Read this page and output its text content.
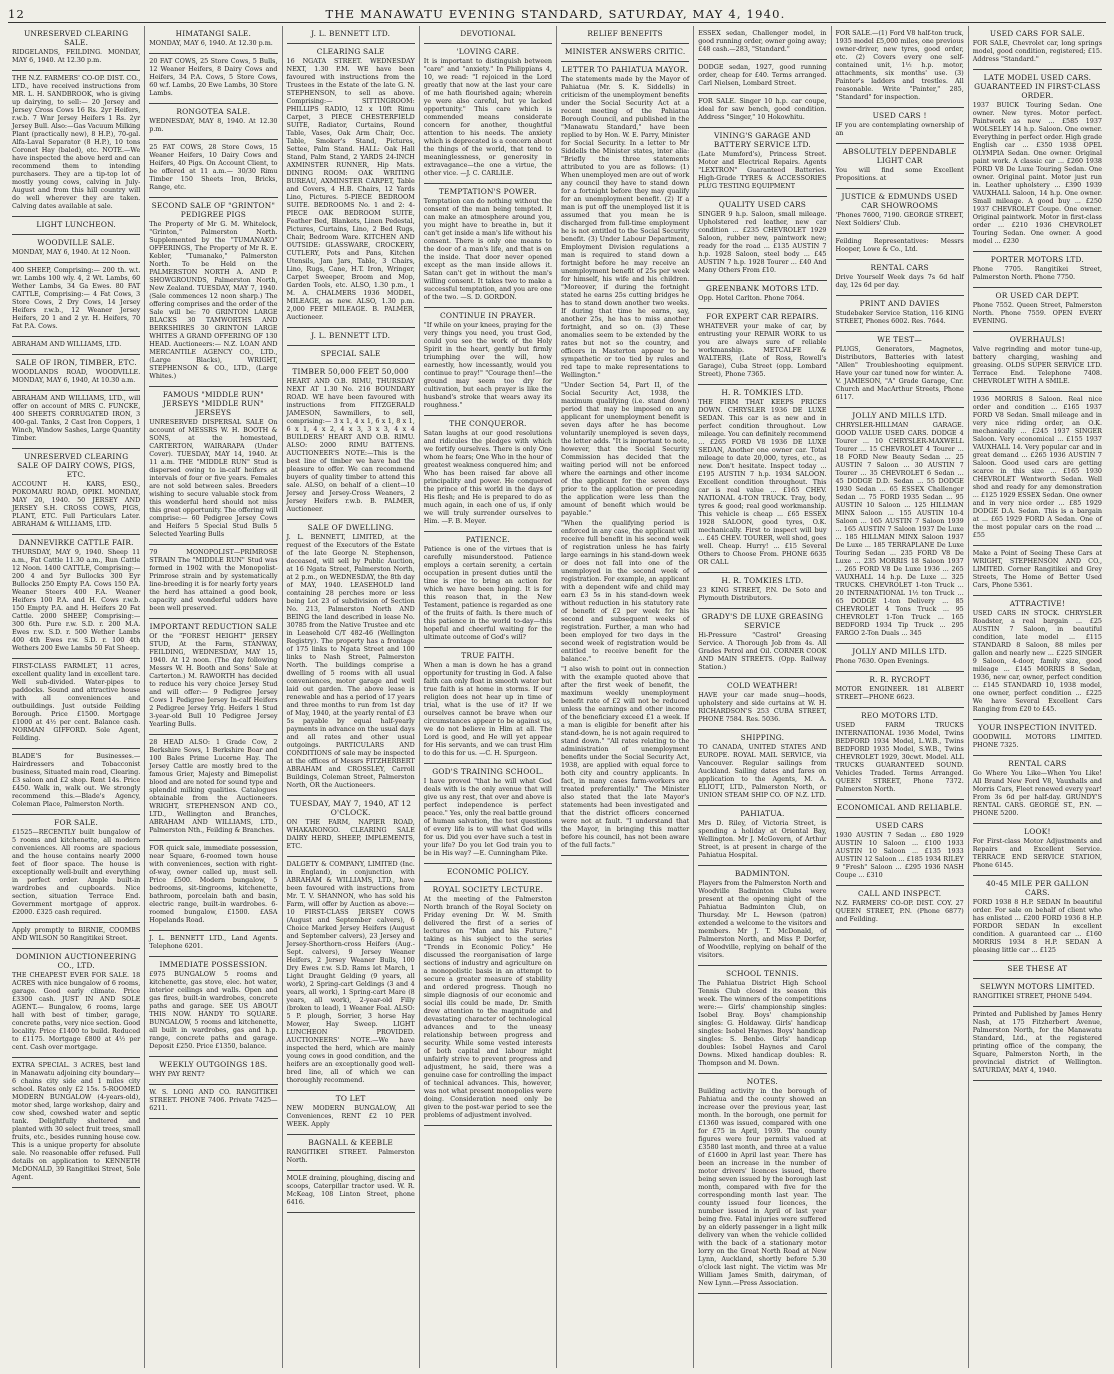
12	THE MANAWATU EVENING STANDARD, SATURDAY, MAY 4, 1940.
UNRESERVED CLEARING SALE.

RIDGELANDS, FEILDING. MONDAY, MAY 6, 1940. At 12.30 p.m.

THE N.Z. FARMERS' CO-OP. DIST. CO., LTD., have received instructions from MR. L. H. SANDBROOK, who is giving up dairying, to sell:— 20 Jersey and Jersey Cross Cows 16 Rs. 2yr Heifers, r.w.b. 7 Wnr Jersey Heifers 1 Rs. 2yr Jersey Bull. Also:—Gas Vacuum Milking Plant (practically new), 8 H.P.), 70-gal. Alfa-Laval Separator (8 H.P.), 10 tons Coronet Hay (baled), etc. NOTE.—We have inspected the above herd and can recommend them to intending purchasers. They are a tip-top lot of mostly young cows, calving in July-August and from this hill country will do well wherever they are taken. Calving dates available at sale.

LIGHT LUNCHEON.
WOODVILLE SALE.

MONDAY, MAY 6, 1940. At 12 Noon.

400 SHEEP, Comprising:— 200 th. w.t. wr. Lambs 100 wly. 4, 2 Wt. Lambs, 60 Wether Lambs, 34 Ga Ewes. 80 FAT CATTLE, Comprising:— 4 Fat Cows, 3 Store Cows, 2 Dry Cows, 14 Jersey Heifers r.w.b., 12 Weaner Jersey Heifers, 20 1 and 2 yr. H. Heifers, 70 Fat P.A. Cows.

ABRAHAM AND WILLIAMS, LTD.

SALE OF IRON, TIMBER, ETC.

WOODLANDS ROAD, WOODVILLE. MONDAY, MAY 6, 1940, At 10.30 a.m.

ABRAHAM AND WILLIAMS, LTD., will offer on account of MRS C. FUNCKE, 400 SHEETS CORRUGATED IRON, 3 400-gal. Tanks, 2 Cast Iron Coppers, 1 Winch, Window Sashes, Large Quantity Timber.

UNRESERVED CLEARING SALE OF DAIRY COWS, PIGS, ETC.

ACCOUNT H. KARS, ESQ., POKOMARU ROAD, OPIKI. MONDAY, MAY 20, 1940. 50 JERSEY AND JERSEY S.H. CROSS COWS, PIGS, PLANT, ETC. Full Particulars Later. ABRAHAM & WILLIAMS, LTD.

DANNEVIRKE CATTLE FAIR.

THURSDAY, MAY 9, 1940. Sheep 11 a.m., Fat Cattle 11.30 a.m., Run Cattle 12 Noon. 1400 CATTLE, Comprising:— 200 4 and 5yr Bullocks 300 Eyr Bullocks 250 Empty P.A. Cows 150 P.A. Weaner Steers 400 F.A. Weaner Heifers 100 P.A. and H. Cows r.w.b. 150 Empty P.A. and H. Heifers 20 Fat Cattle. 2000 SHEEP, Comprising:— 300 6th. Pure r.w. S.D. r. 200 M.A. Ewes r.w. S.D. r. 500 Wether Lambs 400 4th Ewes r.w. S.D. r. 100 4th Wethers 200 Ewe Lambs 50 Fat Sheep.

FIRST-CLASS FARMLET, 11 acres, excellent quality land in excellent tare. Well sub-divided. Water-pipes to paddocks. Sound and attractive house with all conveniences and outbuildings. Just outside Feilding Borough. Price £1500. Mortgage £1000 at 4½ per cent. Balance cash. NORMAN GIFFORD. Sole Agent, Feilding.

BLADE'S for Businesses.—Hairdressers and Tobacconist business, Situated main road, Clearing. £3 saloon and £2 shop. Rent 14s. Price £450. Walk in, walk out. We strongly recommend this.—Blade's Agency, Coleman Place, Palmerston North.

FOR SALE.

£1525—RECENTLY built bungalow of 5 rooms and kitchenette, all modern conveniences. All rooms are spacious and the house contains nearly 2000 feet of floor space. The house is exceptionally well-built and everything in perfect order. Ample built-in wardrobes and cupboards. Nice section, situation Terrace End. Government mortgage of approx. £2000. £325 cash required.

Apply promptly to BIRNIE, COOMBS AND WILSON 50 Rangitikei Street.

DOMINION AUCTIONEERING CO., LTD.

THE CHEAPEST EVER FOR SALE. 18 ACRES with nice bungalow of 6 rooms, garage. Good early climate. Price £3300 cash. JUST IN AND SOLE AGENT.— Bungalow, 6 rooms, large hall with best of timber, garage, concrete paths, very nice section. Good locality. Price £1400 to build. Reduced to £1175. Mortgage £800 at 4½ per cent. Cash over mortgage.

EXTRA SPECIAL. 3 ACRES, best land in Manawatu adjoining city boundary—6 chains city side and 1 miles city school. Rates only £2 15s. 5-ROOMED MODERN BUNGALOW (4-years-old), motor shed, large workshop, dairy and cow shed, cowshed water and septic tank. Delightfully sheltered and planted with 30 select fruit trees, small fruits, etc., besides running house cow. This is a unique property for absolute sale. No reasonable offer refused. Full details on application to KENNETH McDONALD, 39 Rangitikei Street, Sole Agent.

HIMATANGI SALE.

MONDAY, MAY 6, 1940. At 12.30 p.m.

20 FAT COWS, 25 Store Cows, 5 Bulls, 12 Weaner Heifers, 8 Dairy Cows and Heifers, 34 P.A. Cows, 5 Store Cows, 60 w.f. Lambs, 20 Ewe Lambs, 30 Store Lambs.

RONGOTEA SALE.

WEDNESDAY, MAY 8, 1940. At 12.30 p.m.

25 FAT COWS, 28 Store Cows, 15 Weaner Heifers, 10 Dairy Cows and Heifers, 40 Pigs. On Account Client, to be offered at 11 a.m.— 30/30 Rimu Timber 150 Sheets Iron, Bricks, Range, etc.

SECOND SALE OF "GRINTON" PEDIGREE PIGS

The Property of Mr G. M. Whitelock, "Grinton," Palmerston North. Supplemented by the "TUMANAKO" OFFERINGS, The Property of Mr R. E. Kebler, "Tumanako," Palmerston North. To be Held on the PALMERSTON NORTH A. AND P. SHOWGROUNDS, Palmerston North, New Zealand. TUESDAY, MAY 7, 1940. (Sale commences 12 noon sharp.) The offering comprises and the order of the Sale will be: 70 GRINTON LARGE BLACKS 30 TAMWORTHS AND BERKSHIRES 30 GRINTON LARGE WHITES A GRAND OFFERING OF 130 HEAD. Auctioneers:— N.Z. LOAN AND MERCANTILE AGENCY CO., LTD., (Large Blacks), WRIGHT, STEPHENSON & CO., LTD., (Large Whites.)

FAMOUS "MIDDLE RUN" JERSEYS "MIDDLE RUN" JERSEYS

UNRESERVED DISPERSAL SALE On account of MESSRS W. H. BOOTH & SONS, at the homestead, CARTERTON, WAIRARAPA (Under Cover). TUESDAY, MAY 14, 1940. At 11 a.m. THE "MIDDLE RUN" Stud is dispersed owing to in-calf heifers at intervals of four or five years. Females are not sold between sales. Breeders wishing to secure valuable stock from this wonderful herd should not miss this great opportunity. The offering will comprise:— 60 Pedigree Jersey Cows and Heifers 5 Special Stud Bulls 5 Selected Yearling Bulls

79 MONOPOLIST—PRIMROSE STRAIN The "MIDDLE RUN" Stud was formed in 1902 with the Monopolist-Primrose strain and by systematically line-breeding it is for nearly forty years the herd has attained a good book, capacity and wonderful udders have been well preserved.

IMPORTANT REDUCTION SALE

Of the "FOREST HEIGHT" JERSEY STUD, At the Farm, STANWAY, FEILDING, WEDNESDAY, MAY 15, 1940. At 12 noon. (The day following Messrs W. H. Booth and Sons' Sale at Carterton.) M. RAWORTH has decided to reduce his very choice Jersey Stud and will offer:— 9 Pedigree Jersey Cows 1 Pedigree Jersey In-calf Heifers 2 Pedigree Jersey Yrlg. Heifers 1 Stud 3-year-old Bull 10 Pedigree Jersey Yearling Bulls.

28 HEAD ALSO: 1 Grade Cow, 2 Berkshire Sows, 1 Berkshire Boar and 100 Bales Prime Lucerne Hay. The Jersey Cattle are mostly bred to the famous Grier, Majesty and Bimepolist blood and are noted for sound type and splendid milking qualities. Catalogues obtainable from the Auctioneers. WRIGHT, STEPHENSON AND CO., LTD., Wellington and Branches, ABRAHAM AND WILLIAMS, LTD., Palmerston Nth., Feilding & Branches.

FOR quick sale, immediate possession, near Square, 6-roomed town house with conveniences, section with right-of-way, owner called up, must sell. Price £500. Modern bungalow, 5 bedrooms, sit-tingrooms, kitchenette, bathroom, porcelain bath and basin, electric range, built-in wardrobes. 6-roomed bungalow, £1500. £ASA Hopelands Road.

J. L. BENNETT LTD., Land Agents. Telephone 6201.

IMMEDIATE POSSESSION.

£975 BUNGALOW 5 rooms and kitchenette, gas stove, elec. hot water, interior ceilings and walls. Open and gas fires, built-in wardrobes, concrete paths and garage. SEE US ABOUT THIS NOW. HANDY TO SQUARE. BUNGALOW, 5 rooms and kitchenette, all built in wardrobes, gas and h.p. range, concrete paths and garage. Deposit £250. Price £1350, balance.

WEEKLY OUTGOINGS 18S.

WHY PAY RENT?

W. S. LONG AND CO. RANGITIKEI STREET. PHONE 7406. Private 7425—6211.

J. L. BENNETT LTD.
CLEARING SALE

16 NGATA STREET. WEDNESDAY NEXT, 1.30 P.M. WE have been favoured with instructions from the Trustees in the Estate of the late G. N. STEPHENSON, to sell as above. Comprising:— SITTINGROOM: PHILLIPS RADIO, 12 x 10ft Rimu Carpet, 3 PIECE CHESTERFIELD SUITE, Radiator, Curtains, Round Table, Vases, Oak Arm Chair, Occ. Table, Smoker's Stand, Pictures, Settee, Palm Stand. HALL: Oak Hall Stand, Palm Stand, 2 YARDS 24-INCH AXMINSTER RUNNER, Hip Mats. DINING ROOM: OAK WRITING BUREAU, AXMINSTER CARPET, Table and Covers, 4 H.B. Chairs, 12 Yards Lino, Pictures. 5-PIECE BEDROOM SUITE. BEDROOMS No. 1 and 2: 4-PIECE OAK BEDROOM SUITE, Feather Bed, Blankets, Linen Pedestal, Pictures, Curtains, Lino, 2 Bed Rugs, Chair, Bedroom Ware. KITCHEN AND OUTSIDE: GLASSWARE, CROCKERY, CUTLERY, Pots and Pans, Kitchen Utensils, Jam Jars, Table, 3 Chairs, Lino, Rugs, Cane, H.T. Iron, Wringer, Carpet Sweeper, Broom and Mop, Garden Tools, etc. ALSO, 1.30 p.m., 1 M. A. CHALMERS 1936 MODEL, MILEAGE, as new. ALSO, 1.30 p.m. 2,000 FEET MILEAGE. B. PALMER, Auctioneer.

J. L. BENNETT LTD.
SPECIAL SALE
TIMBER 50,000 FEET 50,000

HEART AND O.B. RIMU, THURSDAY NEXT AT 1.30 No. 216 BOUNDARY ROAD. WE have been favoured with instructions from FITZGERALD JAMESON, Sawmillers, to sell, comprising:— 3 x 1, 4 x 1, 6 x 1, 8 x 1, 6 x 1, 4 x 2, 4 x 3, 3 x 3, 4 x 4 BUILDERS' HEART AND O.B. RIMU. ALSO: 2000 RIMU BATTENS. AUCTIONEER'S NOTE:—This is the best line of timber we have had the pleasure to offer. We can recommend buyers of quality timber to attend this sale. ALSO, on behalf of a client—10 Jersey and Jersey-Cross Weaners, 2 Jersey Heifers r.w.b. B. PALMER, Auctioneer.

SALE OF DWELLING.

J. L. BENNETT, LIMITED, at the request of the Executors of the Estate of the late George N. Stephenson, deceased, will sell by Public Auction, at 16 Ngata Street, Palmerston North, at 2 p.m., on WEDNESDAY, the 8th day of MAY, 1940. LEASEHOLD land containing 28 perches more or less being Lot 23 of subdivision of Section No. 213, Palmerston North AND BEING the land described in lease No. 30785 from the Native Trustee and etc in Leasehold C/T 482-46 (Wellington Registry). The property has a frontage of 175 links to Ngata Street and 100 links to Nash Street, Palmerston North. The buildings comprise a dwelling of 5 rooms with all usual conveniences, motor garage and well laid out garden. The above lease is renewable and has a period of 17 years and three months to run from 1st day of May, 1940, at the yearly rental of £3 5s payable by equal half-yearly payments in advance on the usual days and all rates and other usual outgoings. PARTICULARS AND CONDITIONS of sale may be inspected at the offices of Messrs FITZHERBERT ABRAHAM and CROSSLEY, Carroll Buildings, Coleman Street, Palmerston North, OR the Auctioneers.

TUESDAY, MAY 7, 1940, AT 12 O'CLOCK.

ON THE FARM, NAPIER ROAD, WHAKARONGO. CLEARING SALE DAIRY HERD, SHEEP, IMPLEMENTS, ETC.

DALGETY & COMPANY, LIMITED (Inc. in England), in conjunction with ABRAHAM & WILLIAMS, LTD., have been favoured with instructions from Mr. T. V. SHANNON, who has sold his Farm, will offer by Auction as above:— 10 FIRST-CLASS JERSEY COWS (August and September calvers), 6 Choice Marked Jersey Heifers (August and September calvers), 23 Jersey and Jersey-Shorthorn-cross Heifers (Aug.-Sept. calvers), 9 Jersey Weaner Heifers, 2 Jersey Weaner Bulls, 100 Dry Ewes r.w. S.D. Rams let March, 1 Light Draught Gelding (9 years, all work), 2 Spring-cart Geldings (3 and 4 years, all work), 1 Spring-cart Mare (8 years, all work), 2-year-old Filly (broken to lead), 1 Weaner Foal. ALSO: 5 P. plough, Sorrier, 3 horse Hay Mower, Hay Sweep. LIGHT LUNCHEON PROVIDED. AUCTIONEERS' NOTE.—We have inspected the herd, which are mainly young cows in good condition, and the heifers are an exceptionally good well-bred line, all of which we can thoroughly recommend.

TO LET

NEW MODERN BUNGALOW, All Conveniences, RENT £2 10 PER WEEK. Apply

BAGNALL & KEEBLE

RANGITIKEI STREET. Palmerston North.

MOLE draining, ploughing, discing and scoops, Caterpillar tractor used. W. R. McKeag, 108 Linton Street, phone 6416.

DEVOTIONAL
'LOVING CARE.

It is important to distinguish between "care" and "anxiety." In Philippians 4, 10, we read: "I rejoiced in the Lord greatly that now at the last your care of me hath flourished again; wherein ye were also careful, but ye lacked opportunity." This care which is commended means considerate concern for another, thoughtful attention to his needs. The anxiety which is deprecated is a concern about the things of the world, that tend to meaninglessness, or generosity in extravagance—the one a virtue, the other vice. —J. C. CARLILE.

TEMPTATION'S POWER.

Temptation can do nothing without the consent of the man being tempted. It can make an atmosphere around you, you might have to breathe in, but it can't get inside a man's life without his consent. There is only one means to the door of a man's life, and that is on the inside. That door never opened except as the man inside allows it. Satan can't get in without the man's willing consent. It takes two to make a successful temptation, and you are one of the two. —S. D. GORDON.

CONTINUE IN PRAYER.

"If while on your knees, praying for the very things you need, you trust God, could you see the work of the Holy Spirit in the heart, gently but firmly triumphing over the will, how earnestly, how incessantly, would you continue to pray!" "Courage then!—the ground may seem too dry for cultivation, but each prayer is like the husband's stroke that wears away its roughness."

THE CONQUEROR.

Satan laughs at our good resolutions and ridicules the pledges with which we fortify ourselves. There is only One whom he fears; One Who in the hour of greatest weakness conquered him; and Who has been raised far above all principality and power. He conquered the prince of this world in the days of His flesh; and He is prepared to do as much again, in each one of us, if only we will truly surrender ourselves to Him. —F. B. Meyer.

PATIENCE.

Patience is one of the virtues that is carefully misunderstood. Patience employs a certain serenity, a certain occupation in present duties until the time is ripe to bring an action for which we have been hoping. It is for this reason that, in the New Testament, patience is regarded as one of the fruits of faith. Is there much of this patience in the world to-day—this hopeful and cheerful waiting for the ultimate outcome of God's will?

TRUE FAITH.

When a man is down he has a grand opportunity for trusting in God. A false faith can only float in smooth water but true faith is at home in storms. If our religion does not hear up in time of trial, what is the use of it? If we ourselves cannot be brave when our circumstances appear to be against us, we do not believe in Him at all. The Lord is good, and He will yet appear for His servants, and we can trust Him to do this for us. —C. H. Spurgeon.

GOD'S TRAINING SCHOOL.

I have proved "that he will what God deals with is the only avenue that will give us any rest, that over and above is perfect independence is perfect peace." Yes, only the real battle ground of human salvation, the test questions of every life is to will what God wills for us. Did you ever have such a test in your life? Do you let God train you to be in His way? —E. Cunningham Pike.

ECONOMIC POLICY.
ROYAL SOCIETY LECTURE.

At the meeting of the Palmerston North branch of the Royal Society on Friday evening Dr. W. M. Smith delivered the first of a series of lectures on "Man and his Future," taking as his subject to the series "Trends in Economic Policy." He discussed the reorganisation of large sections of industry and agriculture on a monopolistic basis in an attempt to secure a greater measure of stability and ordered progress. Though no simple diagnosis of our economic and social ills could be made, Dr. Smith drew attention to the magnitude and devastating character of technological advances and to the uneasy relationship between progress and security. While some vested interests of both capital and labour might unfairly strive to prevent progress and adjustment, he said, there was a genuine case for controlling the impact of technical advances. This, however, was not what present monopolies were doing. Consideration need only be given to the post-war period to see the problems of adjustment involved.

RELIEF BENEFITS
MINISTER ANSWERS CRITIC.
LETTER TO PAHIATUA MAYOR.

The statements made by the Mayor of Pahiatua (Mr. S. K. Siddells) in criticism of the unemployment benefits under the Social Security Act at a recent meeting of the Pahiatua Borough Council, and published in the "Manawatu Standard," have been replied to by Hon. W. E. Parry, Minister for Social Security. In a letter to Mr Siddells the Minister states, inter alia: "Briefly the three statements attributed to you are as follows: (1) When unemployed men are out of work any council they have to stand down for a fortnight before they may qualify for an unemployment benefit. (2) If a man is put off the unemployed list it is assumed that you mean he is discharged from full-time employment he is not entitled to the Social Security benefit. (3) Under Labour Department, Employment Division regulations a man is required to stand down a fortnight before he may receive an unemployment benefit of 25s per week for himself, his wife and his children. "Moreover, if during the fortnight stated he earns 25s cutting bridges he has to stand down another two weeks. If during that time he earns, say, another 25s, he has to miss another fortnight, and so on. (3) These anomalies seem to be extended by the rates but not so the country, and officers in Masterton appear to be sympathetic or too tied by rules and red tape to make representations to Wellington."

"Under Section 54, Part II, of the Social Security Act, 1938, the maximum qualifying (i.e. stand down) period that may be imposed on any applicant for unemployment benefit is seven days after he has become voluntarily unemployed is seven days, the letter adds. "It is important to note, however, that the Social Security Commission has decided that the waiting period will not be enforced where the earnings and other income of the applicant for the seven days prior to the application or preceding the application were less than the amount of benefit which would be payable."

"When the qualifying period is enforced in any case, the applicant will receive full benefit in his second week of registration unless he has fairly large earnings in his stand-down week or does not fall into one of the unemployed in the second week of registration. For example, an applicant with a dependent wife and child may earn £3 5s in his stand-down week without reduction in his statutory rate of benefit of £2 per week for his second and subsequent weeks of registration. Further, a man who had been employed for two days in the second week of registration would be entitled to receive benefit for the balance."

"I also wish to point out in connection with the example quoted above that after the first week of benefit, the maximum weekly unemployment benefit rate of £2 will not be reduced unless the earnings and other income of the beneficiary exceed £1 a week. If a man is eligible for benefit after his stand-down, he is not again required to stand down." "All rates relating to the administration of unemployment benefits under the Social Security Act, 1938, are applied with equal force to both city and country applicants. In fact, in many cases farm-workers are treated preferentially." The Minister also stated that the late Mayor's statements had been investigated and that the district officers concerned were not at fault. "I understand that the Mayor, in bringing this matter before his council, has not been aware of the full facts."

ESSEX sedan, Challenger model, in good running order, owner going away; £48 cash.—283, "Standard."

DODGE sedan, 1927, good running order, cheap for £40. Terms arranged. Carl Nielsen, Lombard Street.

FOR SALE. Singer 10 h.p. car coupe, ideal for saw bench, good condition. Address "Singer," 10 Hokowhitu.

VINING'S GARAGE AND BATTERY SERVICE LTD.

(Late Mumford's), Princess Street. Motor and Electrical Repairs. Agents "LEXTRON" Guaranteed Batteries. High-Grade TYRES & ACCESSORIES PLUG TESTING EQUIPMENT

QUALITY USED CARS

SINGER 9 h.p. Saloon, small mileage. Upholstered red leather, new car condition ... £235 CHEVROLET 1929 Saloon, rubber new, paintwork new; ready for the road ... £135 AUSTIN 7 h.p. 1928 Saloon, steel body ... £45 AUSTIN 7 h.p. 1928 Tourer ... £40 And Many Others From £10.

GREENBANK MOTORS LTD.

Opp. Hotel Carlton. Phone 7064.

FOR EXPERT CAR REPAIRS.

WHATEVER your make of car, by entrusting your REPAIR WORK to us you are always sure of reliable workmanship. METCALFE & WALTERS, (Late of Ross, Rowell's Garage), Cuba Street (opp. Lombard Street), Phone 7365.

H. R. TOMKIES LTD.

THE FIRM THAT KEEPS PRICES DOWN. CHRYSLER 1936 DE LUXE SEDAN. This car is as new and in perfect condition throughout. Low mileage. You can definitely recommend ... £265 FORD V8 1936 DE LUXE SEDAN, Another one owner car. Total mileage to date 20,000, tyres, etc., as new. Don't hesitate. Inspect today ... £195 AUSTIN 7 h.p. 1934 SALOON. Excellent condition throughout. This car is real value ... £165 CHEV. NATIONAL 4-TON TRUCK. Tray, body, tyres & good; real good workmanship. This vehicle is cheap ... £65 ESSEX 1928 SALOON, good tyres, O.K. mechanically. First to inspect will buy ... £45 CHEV. TOURER, well shod, goes well. Cheap. Hurry! ... £15 Several Others to Choose From. PHONE 6635 OR CALL

H. R. TOMKIES LTD.

23 KING STREET, P.N. De Soto and Plymouth Distributors.

GRADY'S DE LUXE GREASING SERVICE

Hi-Pressure "Castrol" Greasing Service. A Thorough Job from 4s. All Grades Petrol and Oil. CORNER COOK AND MAIN STREETS. (Opp. Railway Station.)

COLD WEATHER!

HAVE your car made snug—hoods, upholstery and side curtains at W. H. RICHARDSON'S 253 CUBA STREET, PHONE 7584. Res. 5036.

SHIPPING.

TO CANADA, UNITED STATES AND EUROPE. ROYAL MAIL SERVICE, via Vancouver. Regular sailings from Auckland. Sailing dates and fares on application to the Agents, M. A. ELIOTT, LTD., Palmerston North, or UNION STEAM SHIP CO. OF N.Z. LTD.

PAHIATUA.

Mrs D. Riley, of Victoria Street, is spending a holiday at Oriental Bay, Wellington. Mr J. McGovern, of Arthur Street, is at present in charge of the Pahiatua Hospital.

BADMINTON.

Players from the Palmerston North and Woodville Badminton Clubs were present at the opening night of the Pahiatua Badminton Club, on Thursday. Mr L. Hewson (patron) extended a welcome to the visitors and members. Mr J. T. McDonald, of Palmerston North, and Miss P. Dorfer, of Woodville, replying on behalf of the visitors.

SCHOOL TENNIS.

The Pahiatua District High School Tennis Club closed its season this week. The winners of the competitions were:— Girls' championship singles: Isobel Bray. Boys' championship singles: G. Holdaway. Girls' handicap singles: Isobel Haynes. Boys' handicap singles: S. Benbo. Girls' handicap doubles: Isobel Haynes and Carol Downs. Mixed handicap doubles: R. Thompson and M. Down.

NOTES.

Building activity in the borough of Pahiatua and the county showed an increase over the previous year, last month. In the borough, one permit for £1360 was issued, compared with one for £75 in April, 1939. The county figures were four permits valued at £3580 last month, and three at a value of £1600 in April last year. There has been an increase in the number of motor drivers' licences issued, there being seven issued by the borough last month, compared with five for the corresponding month last year. The county issued four licences, the number issued in April of last year being five. Fatal injuries were suffered by an elderly passenger in a light milk delivery van when the vehicle collided with the back of a stationary motor lorry on the Great North Road at New Lynn, Auckland, shortly before 5.30 o'clock last night. The victim was Mr William James Smith, dairyman, of New Lynn.—Press Association.

FOR SALE.—(1) Ford V8 half-ton truck, 1935 model £5,000 miles, one previous owner-driver, new tyres, good order, etc. (2) Covers every one self-contained unit, 1½ h.p. motor, attachments, six months' use. (3) Painter's ladders and trestles. All reasonable. Write "Painter," 285, "Standard" for inspection.

USED CARS !

IF you are contemplating ownership of an

ABSOLUTELY DEPENDABLE LIGHT CAR

You will find some Excellent Propositions. at

JUSTICE & EDMUNDS USED CAR SHOWROOMS

'Phones 7600, 7190. GEORGE STREET, Next Soldiers' Club.

Feilding Representatives: Messrs Hooper, Lowe & Co., Ltd.

RENTAL CARS

Drive Yourself Week days 7s 6d half day, 12s 6d per day.

PRINT AND DAVIES

Studebaker Service Station, 116 KING STREET, Phones 6002. Res. 7644.

WE TEST—

PLUGS, Generators, Magnetos, Distributors, Batteries with latest "Allen" Troubleshooting equipment. Have your car tuned now for winter. A. V. JAMIESON, "A" Grade Garage, Cnr. Church and MacArthur Streets, Phone 6117.

JOLLY AND MILLS LTD.

CHRYSLER-HILLMAN GARAGE. GOOD VALUE USED CARS. DODGE 4 Tourer ... 10 CHRYSLER-MAXWELL Tourer ... 15 CHEVROLET 4 Tourer ... 18 FORD New Beauty Sedan ... 25 AUSTIN 7 Saloon ... 30 AUSTIN 7 Tourer ... 35 CHEVROLET 6 Sedan ... 45 DODGE D.D. Sedan ... 55 DODGE 1930 Sedan ... 65 ESSEX Challenger Sedan ... 75 FORD 1935 Sedan ... 95 AUSTIN 10 Saloon ... 125 HILLMAN MINX Saloon ... 155 AUSTIN 10-4 Saloon ... 165 AUSTIN 7 Saloon 1939 ... 165 AUSTIN 7 Saloon 1937 De Luxe ... 185 HILLMAN MINX Saloon 1937 De Luxe ... 185 TERRAPLANE De Luxe Touring Sedan ... 235 FORD V8 De Luxe ... 235 MORRIS 18 Saloon 1937 ... 265 FORD V8 De Luxe 1936 ... 265 VAUXHALL 14 h.p. De Luxe ... 325 TRUCKS. CHEVROLET 1-ton Truck ... 20 INTERNATIONAL 1½ ton Truck ... 65 DODGE 1-ton Delivery ... 85 CHEVROLET 4 Tons Truck ... 95 CHEVROLET 1-Ton Truck ... 165 BEDFORD 1934 Tip Truck ... 295 FARGO 2-Ton Duals ... 345

JOLLY AND MILLS LTD.

Phone 7630. Open Evenings.

R. R. RYCROFT

MOTOR ENGINEER. 181 ALBERT STREET—PHONE 6623.

REO MOTORS LTD.

USED FARM TRUCKS INTERNATIONAL 1936 Model, Twins BEDFORD 1934 Model, L.W.B., Twins BEDFORD 1935 Model, S.W.B., Twins CHEVROLET 1929, 30cwt. Model. ALL TRUCKS GUARANTEED SOUND. Vehicles Traded. Terms Arranged. QUEEN STREET, Phone 7372. Palmerston North.

ECONOMICAL AND RELIABLE.
USED CARS

1930 AUSTIN 7 Sedan ... £80 1929 AUSTIN 10 Saloon ... £100 1933 AUSTIN 10 Saloon ... £135 1933 AUSTIN 12 Saloon ... £185 1934 RILEY 9 "Fresh" Saloon ... £295 1936 NASH Coupe ... £310

CALL AND INSPECT.

N.Z. FARMERS' CO-OP. DIST. COY. 27 QUEEN STREET, P.N. (Phone 6877) and Feilding.

USED CARS FOR SALE.

FOR SALE, Chevrolet car, long springs model, good condition, registered; £15. Address "Standard."

LATE MODEL USED CARS. GUARANTEED IN FIRST-CLASS ORDER.

1937 BUICK Touring Sedan. One owner. New tyres. Motor perfect. Paintwork as new ... £585 1937 WOLSELEY 14 h.p. Saloon. One owner. Everything in perfect order. High grade English car ... £350 1938 OPEL OLYMPIA Sedan. One owner. Original paint work. A classic car ... £260 1938 FORD V8 De Luxe Touring Sedan. One owner. Original paint. Motor just run in. Leather upholstery ... £390 1939 VAUXHALL Saloon, 14 h.p. One owner. Small mileage. A good buy ... £250 1937 CHEVROLET Coupe. One owner. Original paintwork. Motor in first-class order ... £210 1936 CHEVROLET Touring Sedan. One owner. A good model ... £230

PORTER MOTORS LTD.

Phone 7705. Rangitikei Street, Palmerston North. Phone 7750.

OR USED CAR DEPT.

Phone 7552. Queen Street, Palmerston North. Phone 7559. OPEN EVERY EVENING.

OVERHAULS!

Valve regrinding and motor tune-up, battery charging, washing and greasing. OLDS SUPER SERVICE LTD. Terrace End. Telephone 7408. CHEVROLET WITH A SMILE.

1936 MORRIS 8 Saloon. Real nice order and condition ... £165 1937 FORD V8 Sedan. Small mileage and in very nice riding order, an O.K. mechanically ... £245 1937 SINGER Saloon. Very economical ... £155 1937 VAUXHALL 14. Very popular car and in great demand ... £265 1936 AUSTIN 7 Saloon. Good used cars are getting scarce in this size ... £165 1930 CHEVROLET Wentworth Sedan. Well shod and ready for any demonstration ... £125 1929 ESSEX Sedan. One owner and in very nice order ... £85 1929 DODGE D.A. Sedan. This is a bargain at ... £65 1929 FORD A Sedan. One of the most popular cars on the road ... £55

Make a Point of Seeing These Cars at WRIGHT, STEPHENSON AND CO., LIMITED. Corner Rangitikei and Grey Streets, The Home of Better Used Cars, Phone 5361.

ATTRACTIVE!

USED CARS IN STOCK. CHRYSLER Roadster, a real bargain ... £25 AUSTIN 7 Saloon, in beautiful condition, late model ... £115 STANDARD 8 Saloon, 88 miles per gallon and nearly new ... £225 SINGER 9 Saloon, 4-door, family size, good mileage ... £145 MORRIS 8 Sedan, 1936, new car, owner, perfect condition ... £145 STANDARD 10, 1938 model, one owner, perfect condition ... £225 We have Several Excellent Cars Ranging from £20 to £45.

YOUR INSPECTION INVITED.

GOODWILL MOTORS LIMITED. PHONE 7325.

RENTAL CARS

Go Where You Like—When You Like! All Brand New Ford V8, Vauxhalls and Morris Cars, Fleet renewed every year! From 3s 6d per half-day. GRUNDY'S RENTAL CARS. GEORGE ST., P.N. — PHONE 5200.

LOOK!

For First-class Motor Adjustments and Repairs and Excellent Service. TERRACE END SERVICE STATION, Phone 6145.

40-45 MILE PER GALLON CARS.

FORD 1938 8 H.P. SEDAN In beautiful order. For sale on behalf of client who has enlisted ... £200 FORD 1936 8 H.P. FORDOR SEDAN In excellent condition. A guaranteed car ... £160 MORRIS 1934 8 H.P. SEDAN A pleasing little car ... £125

SEE THESE AT
SELWYN MOTORS LIMITED.

RANGITIKEI STREET, PHONE 5494.

Printed and Published by James Henry Nash, at 175 Fitzherbert Avenue, Palmerston North, for the Manawatu Standard, Ltd., at the registered printing office of the company, the Square, Palmerston North, in the provincial district of Wellington. SATURDAY, MAY 4, 1940.
